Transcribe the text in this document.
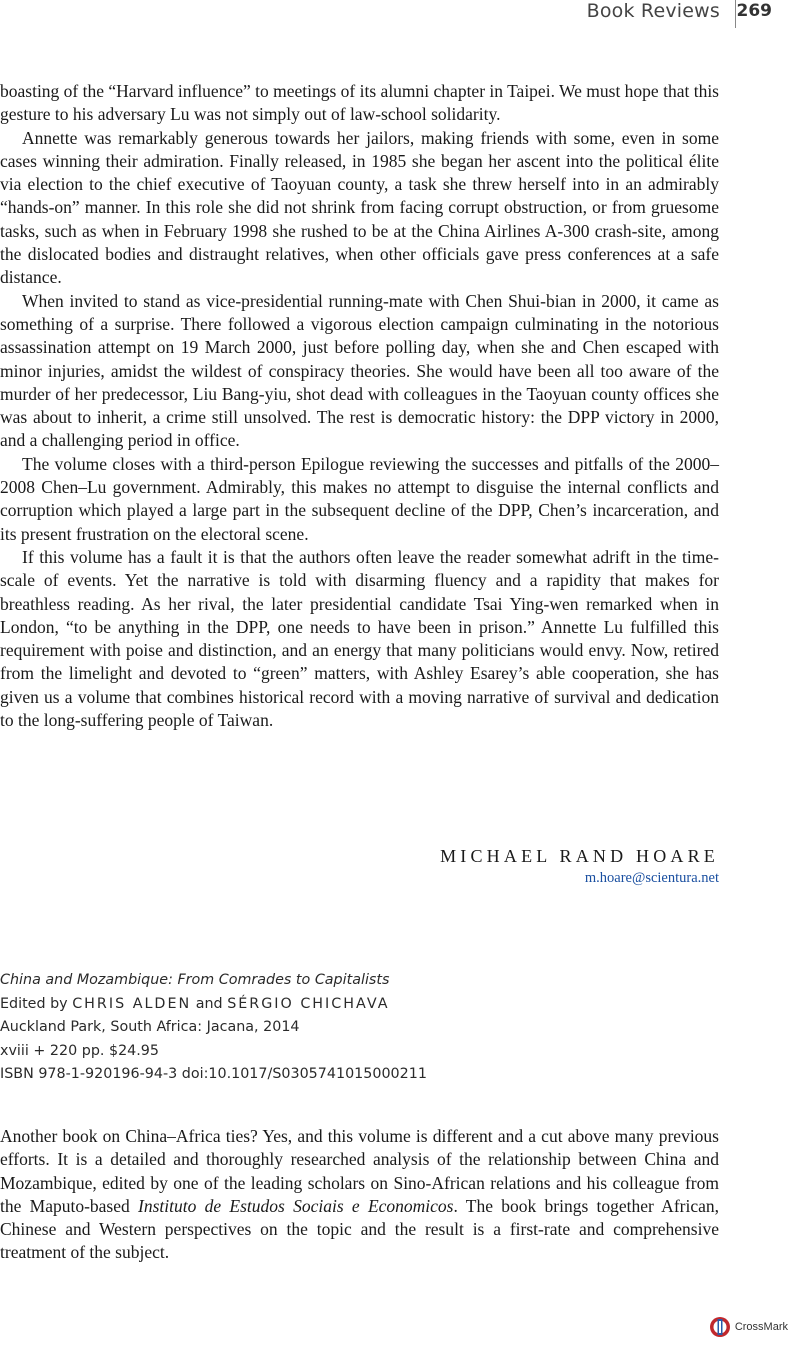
Book Reviews 269

boasting of the “Harvard influence” to meetings of its alumni chapter in Taipei. We must hope that this gesture to his adversary Lu was not simply out of law-school solidarity.

Annette was remarkably generous towards her jailors, making friends with some, even in some cases winning their admiration. Finally released, in 1985 she began her ascent into the political élite via election to the chief executive of Taoyuan county, a task she threw herself into in an admirably “hands-on” manner. In this role she did not shrink from facing corrupt obstruction, or from gruesome tasks, such as when in February 1998 she rushed to be at the China Airlines A-300 crash-site, among the dislocated bodies and distraught relatives, when other officials gave press conferences at a safe distance.

When invited to stand as vice-presidential running-mate with Chen Shui-bian in 2000, it came as something of a surprise. There followed a vigorous election campaign culminating in the notorious assassination attempt on 19 March 2000, just before polling day, when she and Chen escaped with minor injuries, amidst the wildest of conspiracy theories. She would have been all too aware of the murder of her predecessor, Liu Bang-yiu, shot dead with colleagues in the Taoyuan county offices she was about to inherit, a crime still unsolved. The rest is democratic history: the DPP victory in 2000, and a challenging period in office.

The volume closes with a third-person Epilogue reviewing the successes and pitfalls of the 2000–2008 Chen–Lu government. Admirably, this makes no attempt to disguise the internal conflicts and corruption which played a large part in the subsequent decline of the DPP, Chen’s incarceration, and its present frustration on the electoral scene.

If this volume has a fault it is that the authors often leave the reader somewhat adrift in the time-scale of events. Yet the narrative is told with disarming fluency and a rapidity that makes for breathless reading. As her rival, the later presidential candidate Tsai Ying-wen remarked when in London, “to be anything in the DPP, one needs to have been in prison.” Annette Lu fulfilled this requirement with poise and distinction, and an energy that many politicians would envy. Now, retired from the limelight and devoted to “green” matters, with Ashley Esarey’s able cooperation, she has given us a volume that combines historical record with a moving narrative of survival and dedication to the long-suffering people of Taiwan.

MICHAEL RAND HOARE
m.hoare@scientura.net
China and Mozambique: From Comrades to Capitalists
Edited by CHRIS ALDEN and SÉRGIO CHICHAVA
Auckland Park, South Africa: Jacana, 2014
xviii + 220 pp. $24.95
ISBN 978-1-920196-94-3 doi:10.1017/S0305741015000211

Another book on China–Africa ties? Yes, and this volume is different and a cut above many previous efforts. It is a detailed and thoroughly researched analysis of the relationship between China and Mozambique, edited by one of the leading scholars on Sino-African relations and his colleague from the Maputo-based Instituto de Estudos Sociais e Economicos. The book brings together African, Chinese and Western perspectives on the topic and the result is a first-rate and comprehensive treatment of the subject.

CrossMark
